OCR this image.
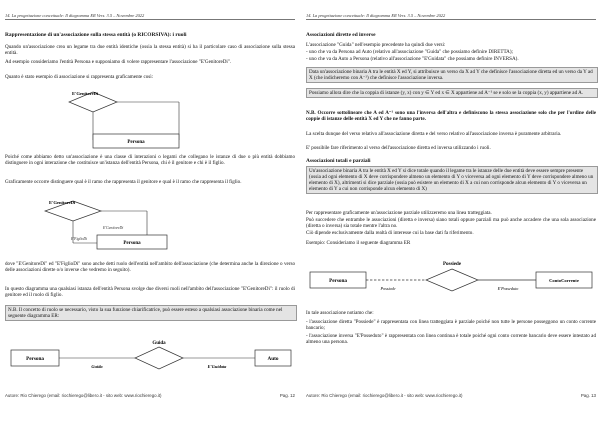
14. La progettazione concettuale: Il diagramma ER Vers. 3.5 – Novembre 2022

Rappresentazione di un'associazione sulla stessa entità (o RICORSIVA): i ruoli

Quando un'associazione crea un legame tra due entità identiche (ossia la stessa entità) si ha il particolare caso di associazione sulla stessa entità.

Ad esempio consideriamo l'entità Persona e supponiamo di volere rappresentare l'associazione "E'GenitoreDi".

Quanto è stato esempio di associazione si rappresenta graficamente così:

E'GenitoreDi
Persona

Poiché come abbiamo detto un'associazione è una classe di interazioni o legami che collegano le istanze di due o più entità dobbiamo distinguere in ogni interazione che costituisce un'istanza dell'entità Persona, chi è il genitore e chi è il figlio.

Graficamente occorre distinguere qual è il ramo che rappresenta il genitore e qual è il ramo che rappresenta il figlio.

E'GenitoreDi
E'GenitoreDi
E'FiglioDi
Persona

dove "E'GenitoreDi" ed "E'FiglioDi" sono anche detti ruolo dell'entità nell'ambito dell'associazione (che determina anche la direzione o verso delle associazioni dirette o/o inverse che vedremo in seguito).

In questo diagramma una qualsiasi istanza dell'entità Persona svolge due diversi ruoli nell'ambito dell'associazione "E'GenitoreDi": il ruolo di genitore ed il ruolo di figlio.

N.B. Il concetto di ruolo se necessario, visto la sua funzione chiarificatrice, può essere esteso a qualsiasi associazione binaria come nel seguente diagramma ER:
Persona
Guida
Auto
Guida	E'Guidata
Autore: Rio Chierego (email: riochierego@libero.it - sito web: www.riochierego.it)	Pag. 12
14. La progettazione concettuale: Il diagramma ER Vers. 3.5 – Novembre 2022

Associazioni dirette ed inverse

L'associazione "Guida" nell'esempio precedente ha quindi due versi:

- uno che va da Persona ad Auto (relativo all'associazione "Guida" che possiamo definire DIRETTA);

- uno che va da Auto a Persona (relativo all'associazione "E'Guidata" che possiamo definire INVERSA).

Data un'associazione binaria A tra le entità X ed Y, si attribuisce un verso da X ad Y che definisce l'associazione diretta ed un verso da Y ad X (che indicheremo con A⁻¹) che definisce l'associazione inversa.
Possiamo allora dire che la coppia di istanze (y, x) con y ∈ Y ed x ∈ X appartiene ad A⁻¹ se e solo se la coppia (x, y) appartiene ad A.

N.B. Occorre sottolineare che A ed A⁻¹ sono una l'inversa dell'altra e definiscono la stessa associazione solo che per l'ordine delle coppie di istanze delle entità X ed Y che ne fanno parte.

La scelta dunque del verso relativo all'associazione diretta e del verso relativo all'associazione inversa è puramente arbitraria.

E' possibile fare riferimento al verso dell'associazione diretta ed inversa utilizzando i ruoli.

Associazioni totali e parziali

Un'associazione binaria A tra le entità X ed Y si dice totale quando il legame tra le istanze delle due entità deve essere sempre presente (ossia ad ogni elemento di X deve corrispondere almeno un elemento di Y o viceversa ad ogni elemento di Y deve corrispondere almeno un elemento di X), altrimenti si dice parziale (ossia può esistere un elemento di X a cui non corrisponde alcun elemento di Y o viceversa un elemento di Y a cui non corrisponde alcun elemento di X)

Per rappresentare graficamente un'associazione parziale utilizzeremo una linea tratteggiata.

Può succedere che entrambe le associazioni (diretta e inversa) siano totali oppure parziali ma può anche accadere che una sola associazione (diretta o inversa) sia totale mentre l'altra no.

Ciò dipende esclusivamente dalla realtà di interesse cui la base dati fa riferimento.

Esempio: Consideriamo il seguente diagramma ER

Persona
Possiede
ContoCorrente
Possiede	E'Posseduto

In tale associazione notiamo che:

- l'associazione diretta "Possiede" è rappresentata con linea tratteggiata è parziale poiché non tutte le persone posseggono un conto corrente bancario;

- l'associazione inversa "E'Posseduto" è rappresentata con linea continua è totale poiché ogni conto corrente bancario deve essere intestato ad almeno una persona.

Autore: Rio Chierego (email: riochierego@libero.it - sito web: www.riochierego.it)	Pag. 13
